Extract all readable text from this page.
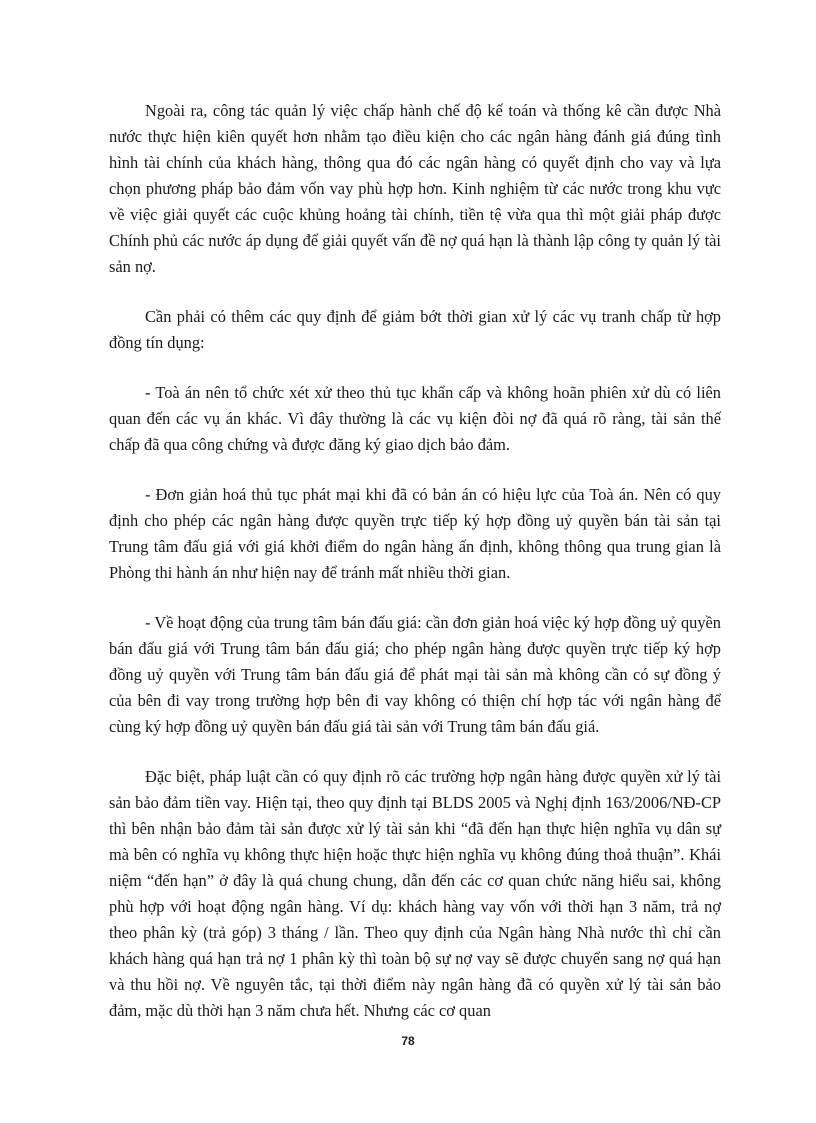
Ngoài ra, công tác quản lý việc chấp hành chế độ kế toán và thống kê cần được Nhà nước thực hiện kiên quyết hơn nhằm tạo điều kiện cho các ngân hàng đánh giá đúng tình hình tài chính của khách hàng, thông qua đó các ngân hàng có quyết định cho vay và lựa chọn phương pháp bảo đảm vốn vay phù hợp hơn. Kinh nghiệm từ các nước trong khu vực về việc giải quyết các cuộc khủng hoảng tài chính, tiền tệ vừa qua thì một giải pháp được Chính phủ các nước áp dụng để giải quyết vấn đề nợ quá hạn là thành lập công ty quản lý tài sản nợ.

Cần phải có thêm các quy định để giảm bớt thời gian xử lý các vụ tranh chấp từ hợp đồng tín dụng:

- Toà án nên tổ chức xét xử theo thủ tục khẩn cấp và không hoãn phiên xử dù có liên quan đến các vụ án khác. Vì đây thường là các vụ kiện đòi nợ đã quá rõ ràng, tài sản thế chấp đã qua công chứng và được đăng ký giao dịch bảo đảm.

- Đơn giản hoá thủ tục phát mại khi đã có bản án có hiệu lực của Toà án. Nên có quy định cho phép các ngân hàng được quyền trực tiếp ký hợp đồng uỷ quyền bán tài sản tại Trung tâm đấu giá với giá khởi điểm do ngân hàng ấn định, không thông qua trung gian là Phòng thi hành án như hiện nay để tránh mất nhiều thời gian.

- Về hoạt động của trung tâm bán đấu giá: cần đơn giản hoá việc ký hợp đồng uỷ quyền bán đấu giá với Trung tâm bán đấu giá; cho phép ngân hàng được quyền trực tiếp ký hợp đồng uỷ quyền với Trung tâm bán đấu giá để phát mại tài sản mà không cần có sự đồng ý của bên đi vay trong trường hợp bên đi vay không có thiện chí hợp tác với ngân hàng để cùng ký hợp đồng uỷ quyền bán đấu giá tài sản với Trung tâm bán đấu giá.

Đặc biệt, pháp luật cần có quy định rõ các trường hợp ngân hàng được quyền xử lý tài sản bảo đảm tiền vay. Hiện tại, theo quy định tại BLDS 2005 và Nghị định 163/2006/NĐ-CP thì bên nhận bảo đảm tài sản được xử lý tài sản khi “đã đến hạn thực hiện nghĩa vụ dân sự mà bên có nghĩa vụ không thực hiện hoặc thực hiện nghĩa vụ không đúng thoả thuận”. Khái niệm “đến hạn” ở đây là quá chung chung, dẫn đến các cơ quan chức năng hiểu sai, không phù hợp với hoạt động ngân hàng. Ví dụ: khách hàng vay vốn với thời hạn 3 năm, trả nợ theo phân kỳ (trả góp) 3 tháng / lần. Theo quy định của Ngân hàng Nhà nước thì chỉ cần khách hàng quá hạn trả nợ 1 phân kỳ thì toàn bộ sự nợ vay sẽ được chuyển sang nợ quá hạn và thu hồi nợ. Về nguyên tắc, tại thời điểm này ngân hàng đã có quyền xử lý tài sản bảo đảm, mặc dù thời hạn 3 năm chưa hết. Nhưng các cơ quan

78
